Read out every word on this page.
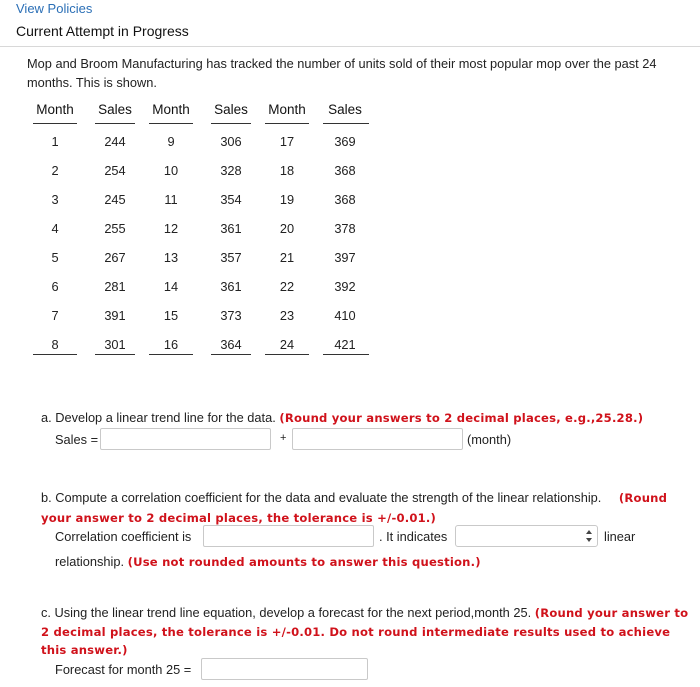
View Policies
Current Attempt in Progress
Mop and Broom Manufacturing has tracked the number of units sold of their most popular mop over the past 24 months. This is shown.
Month Sales Month Sales Month Sales
1	244	9	306	17	369
2	254	10	328	18	368
3	245	11	354	19	368
4	255	12	361	20	378
5	267	13	357	21	397
6	281	14	361	22	392
7	391	15	373	23	410
8	301	16	364	24	421
a. Develop a linear trend line for the data. (Round your answers to 2 decimal places, e.g.,25.28.)
Sales =	+	(month)
b. Compute a correlation coefficient for the data and evaluate the strength of the linear relationship. (Round your answer to 2 decimal places, the tolerance is +/-0.01.)
Correlation coefficient is	. It indicates	linear
relationship. (Use not rounded amounts to answer this question.)
c. Using the linear trend line equation, develop a forecast for the next period,month 25. (Round your answer to 2 decimal places, the tolerance is +/-0.01. Do not round intermediate results used to achieve this answer.)
Forecast for month 25 =
